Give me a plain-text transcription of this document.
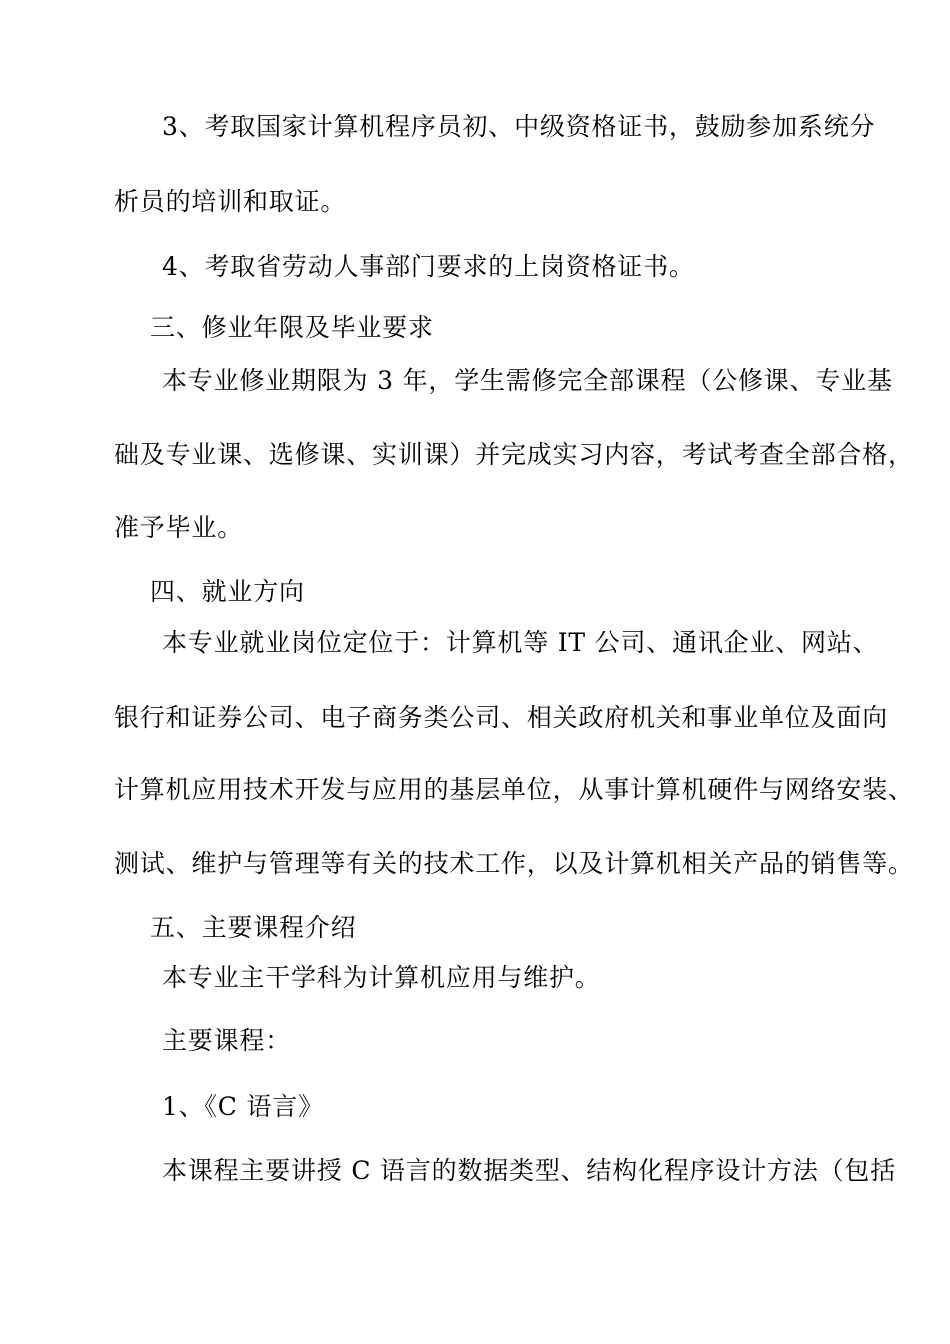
3、考取国家计算机程序员初、中级资格证书，鼓励参加系统分
析员的培训和取证。
4、考取省劳动人事部门要求的上岗资格证书。
三、修业年限及毕业要求
本专业修业期限为 3 年，学生需修完全部课程（公修课、专业基
础及专业课、选修课、实训课）并完成实习内容，考试考查全部合格，
准予毕业。
四、就业方向
本专业就业岗位定位于：计算机等 IT 公司、通讯企业、网站、
银行和证券公司、电子商务类公司、相关政府机关和事业单位及面向
计算机应用技术开发与应用的基层单位，从事计算机硬件与网络安装、
测试、维护与管理等有关的技术工作，以及计算机相关产品的销售等。
五、主要课程介绍
本专业主干学科为计算机应用与维护。
主要课程：
1、《C 语言》
本课程主要讲授 C 语言的数据类型、结构化程序设计方法（包括
